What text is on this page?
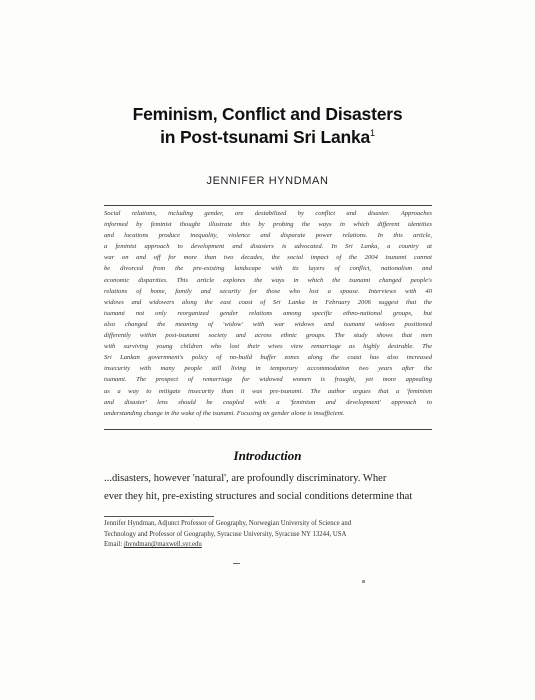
Feminism, Conflict and Disasters
in Post-tsunami Sri Lanka$^1$
JENNIFER HYNDMAN
Social relations, including gender, are destabilized by conflict and disaster. Approaches
informed by feminist thought illustrate this by probing the ways in which different identities
and locations produce inequality, violence and disparate power relations. In this article,
a feminist approach to development and disasters is advocated. In Sri Lanka, a country at
war on and off for more than two decades, the social impact of the 2004 tsunami cannot
be divorced from the pre-existing landscape with its layers of conflict, nationalism and
economic disparities. This article explores the ways in which the tsunami changed people's
relations of home, family and security for those who lost a spouse. Interviews with 40
widows and widowers along the east coast of Sri Lanka in February 2006 suggest that the
tsunami not only reorganized gender relations among specific ethno-national groups, but
also changed the meaning of 'widow' with war widows and tsunami widows positioned
differently within post-tsunami society and across ethnic groups. The study shows that men
with surviving young children who lost their wives view remarriage as highly desirable. The
Sri Lankan government's policy of no-build buffer zones along the coast has also increased
insecurity with many people still living in temporary accommodation two years after the
tsunami. The prospect of remarriage for widowed women is fraught, yet more appealing
as a way to mitigate insecurity than it was pre-tsunami. The author argues that a 'feminism
and disaster' lens should be coupled with a 'feminism and development' approach to
understanding change in the wake of the tsunami. Focusing on gender alone is insufficient.
Introduction
...disasters, however 'natural', are profoundly discriminatory. Wher
ever they hit, pre-existing structures and social conditions determine that
Jennifer Hyndman, Adjunct Professor of Geography, Norwegian University of Science and
Technology and Professor of Geography, Syracuse University, Syracuse NY 13244, USA
Email: jhyndman@maxwell.syr.edu
